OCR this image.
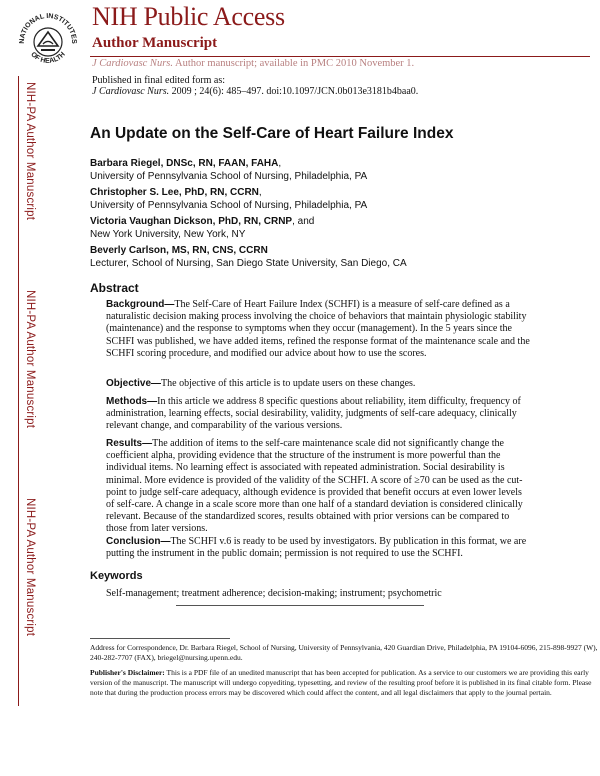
NATIONAL INSTITUTES
OF HEALTH
NIH Public Access
Author Manuscript
J Cardiovasc Nurs. Author manuscript; available in PMC 2010 November 1.
NIH-PA Author Manuscript
NIH-PA Author Manuscript
NIH-PA Author Manuscript
Published in final edited form as:
J Cardiovasc Nurs. 2009 ; 24(6): 485–497. doi:10.1097/JCN.0b013e3181b4baa0.
An Update on the Self-Care of Heart Failure Index
Barbara Riegel, DNSc, RN, FAAN, FAHA,
University of Pennsylvania School of Nursing, Philadelphia, PA
Christopher S. Lee, PhD, RN, CCRN,
University of Pennsylvania School of Nursing, Philadelphia, PA
Victoria Vaughan Dickson, PhD, RN, CRNP, and
New York University, New York, NY
Beverly Carlson, MS, RN, CNS, CCRN
Lecturer, School of Nursing, San Diego State University, San Diego, CA
Abstract
Background—The Self-Care of Heart Failure Index (SCHFI) is a measure of self-care defined as a naturalistic decision making process involving the choice of behaviors that maintain physiologic stability (maintenance) and the response to symptoms when they occur (management). In the 5 years since the SCHFI was published, we have added items, refined the response format of the maintenance scale and the SCHFI scoring procedure, and modified our advice about how to use the scores.
Objective—The objective of this article is to update users on these changes.
Methods—In this article we address 8 specific questions about reliability, item difficulty, frequency of administration, learning effects, social desirability, validity, judgments of self-care adequacy, clinically relevant change, and comparability of the various versions.
Results—The addition of items to the self-care maintenance scale did not significantly change the coefficient alpha, providing evidence that the structure of the instrument is more powerful than the individual items. No learning effect is associated with repeated administration. Social desirability is minimal. More evidence is provided of the validity of the SCHFI. A score of ≥70 can be used as the cut-point to judge self-care adequacy, although evidence is provided that benefit occurs at even lower levels of self-care. A change in a scale score more than one half of a standard deviation is considered clinically relevant. Because of the standardized scores, results obtained with prior versions can be compared to those from later versions.
Conclusion—The SCHFI v.6 is ready to be used by investigators. By publication in this format, we are putting the instrument in the public domain; permission is not required to use the SCHFI.
Keywords
Self-management; treatment adherence; decision-making; instrument; psychometric
Address for Correspondence, Dr. Barbara Riegel, School of Nursing, University of Pennsylvania, 420 Guardian Drive, Philadelphia, PA 19104-6096, 215-898-9927 (W), 240-282-7707 (FAX), briegel@nursing.upenn.edu.
Publisher's Disclaimer: This is a PDF file of an unedited manuscript that has been accepted for publication. As a service to our customers we are providing this early version of the manuscript. The manuscript will undergo copyediting, typesetting, and review of the resulting proof before it is published in its final citable form. Please note that during the production process errors may be discovered which could affect the content, and all legal disclaimers that apply to the journal pertain.
